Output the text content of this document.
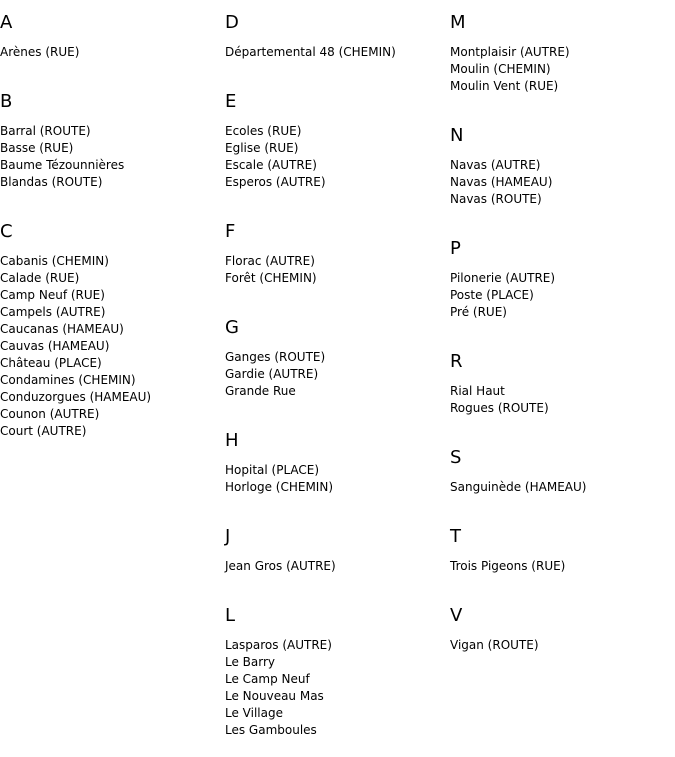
A
Arènes (RUE)
B
Barral (ROUTE)
Basse (RUE)
Baume Tézounnières
Blandas (ROUTE)
C
Cabanis (CHEMIN)
Calade (RUE)
Camp Neuf (RUE)
Campels (AUTRE)
Caucanas (HAMEAU)
Cauvas (HAMEAU)
Château (PLACE)
Condamines (CHEMIN)
Conduzorgues (HAMEAU)
Counon (AUTRE)
Court (AUTRE)
D
Départemental 48 (CHEMIN)
E
Ecoles (RUE)
Eglise (RUE)
Escale (AUTRE)
Esperos (AUTRE)
F
Florac (AUTRE)
Forêt (CHEMIN)
G
Ganges (ROUTE)
Gardie (AUTRE)
Grande Rue
H
Hopital (PLACE)
Horloge (CHEMIN)
J
Jean Gros (AUTRE)
L
Lasparos (AUTRE)
Le Barry
Le Camp Neuf
Le Nouveau Mas
Le Village
Les Gamboules
M
Montplaisir (AUTRE)
Moulin (CHEMIN)
Moulin Vent (RUE)
N
Navas (AUTRE)
Navas (HAMEAU)
Navas (ROUTE)
P
Pilonerie (AUTRE)
Poste (PLACE)
Pré (RUE)
R
Rial Haut
Rogues (ROUTE)
S
Sanguinède (HAMEAU)
T
Trois Pigeons (RUE)
V
Vigan (ROUTE)
